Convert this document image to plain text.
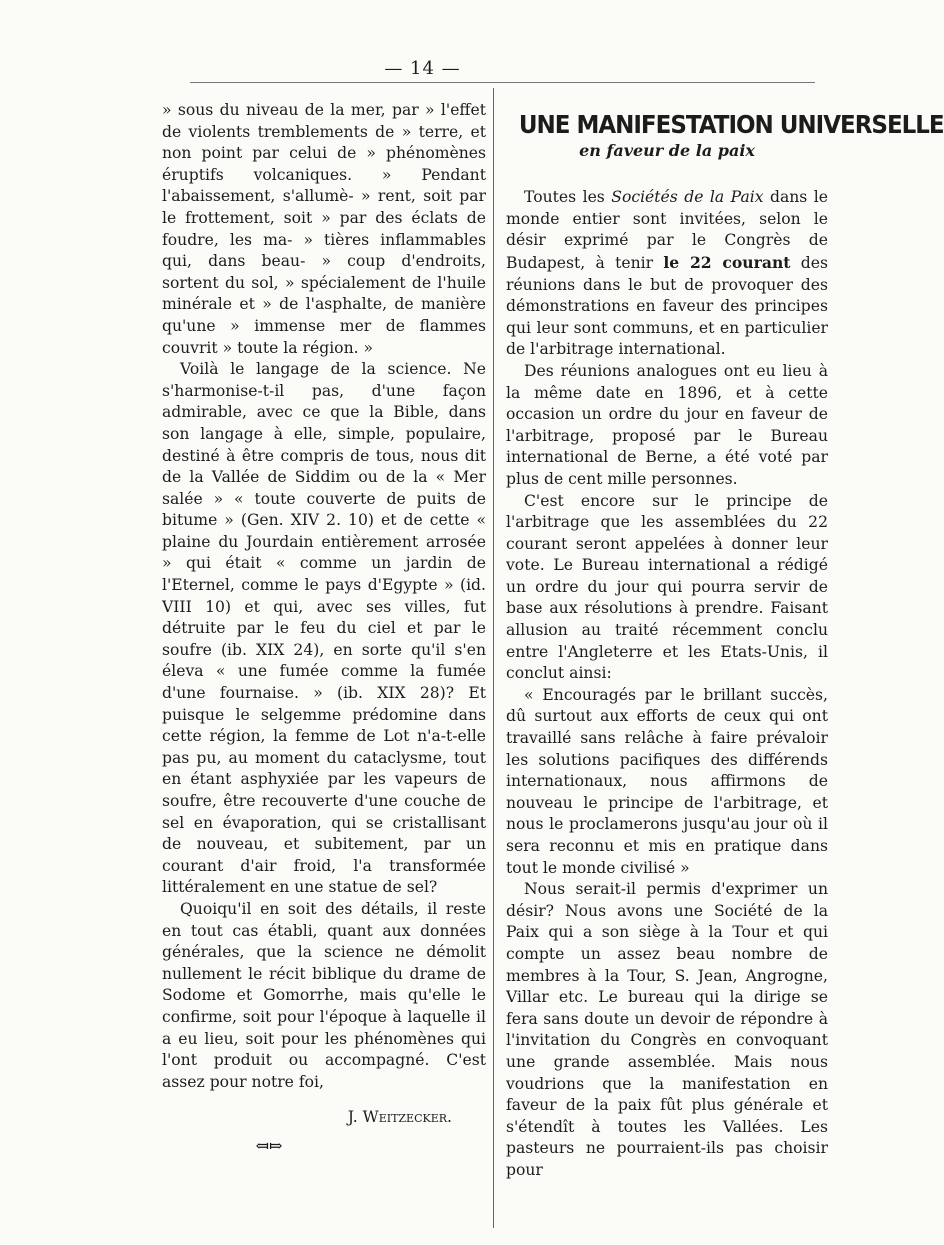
— 14 —

» sous du niveau de la mer, par » l'effet de violents tremblements de » terre, et non point par celui de » phénomènes éruptifs volcaniques. » Pendant l'abaissement, s'allumè- » rent, soit par le frottement, soit » par des éclats de foudre, les ma- » tières inflammables qui, dans beau- » coup d'endroits, sortent du sol, » spécialement de l'huile minérale et » de l'asphalte, de manière qu'une » immense mer de flammes couvrit » toute la région. »

Voilà le langage de la science. Ne s'harmonise-t-il pas, d'une façon admirable, avec ce que la Bible, dans son langage à elle, simple, populaire, destiné à être compris de tous, nous dit de la Vallée de Siddim ou de la « Mer salée » « toute couverte de puits de bitume » (Gen. XIV 2. 10) et de cette « plaine du Jourdain entièrement arrosée » qui était « comme un jardin de l'Eternel, comme le pays d'Egypte » (id. VIII 10) et qui, avec ses villes, fut détruite par le feu du ciel et par le soufre (ib. XIX 24), en sorte qu'il s'en éleva « une fumée comme la fumée d'une fournaise. » (ib. XIX 28)? Et puisque le selgemme prédomine dans cette région, la femme de Lot n'a-t-elle pas pu, au moment du cataclysme, tout en étant asphyxiée par les vapeurs de soufre, être recouverte d'une couche de sel en évaporation, qui se cristallisant de nouveau, et subitement, par un courant d'air froid, l'a transformée littéralement en une statue de sel?

Quoiqu'il en soit des détails, il reste en tout cas établi, quant aux données générales, que la science ne démolit nullement le récit biblique du drame de Sodome et Gomorrhe, mais qu'elle le confirme, soit pour l'époque à laquelle il a eu lieu, soit pour les phénomènes qui l'ont produit ou accompagné. C'est assez pour notre foi,

J. Weitzecker.

⤆⤇

UNE MANIFESTATION UNIVERSELLE
en faveur de la paix

Toutes les Sociétés de la Paix dans le monde entier sont invitées, selon le désir exprimé par le Congrès de Budapest, à tenir le 22 courant des réunions dans le but de provoquer des démonstrations en faveur des principes qui leur sont communs, et en particulier de l'arbitrage international.

Des réunions analogues ont eu lieu à la même date en 1896, et à cette occasion un ordre du jour en faveur de l'arbitrage, proposé par le Bureau international de Berne, a été voté par plus de cent mille personnes.

C'est encore sur le principe de l'arbitrage que les assemblées du 22 courant seront appelées à donner leur vote. Le Bureau international a rédigé un ordre du jour qui pourra servir de base aux résolutions à prendre. Faisant allusion au traité récemment conclu entre l'Angleterre et les Etats-Unis, il conclut ainsi:

« Encouragés par le brillant succès, dû surtout aux efforts de ceux qui ont travaillé sans relâche à faire prévaloir les solutions pacifiques des différends internationaux, nous affirmons de nouveau le principe de l'arbitrage, et nous le proclamerons jusqu'au jour où il sera reconnu et mis en pratique dans tout le monde civilisé »

Nous serait-il permis d'exprimer un désir? Nous avons une Société de la Paix qui a son siège à la Tour et qui compte un assez beau nombre de membres à la Tour, S. Jean, Angrogne, Villar etc. Le bureau qui la dirige se fera sans doute un devoir de répondre à l'invitation du Congrès en convoquant une grande assemblée. Mais nous voudrions que la manifestation en faveur de la paix fût plus générale et s'étendît à toutes les Vallées. Les pasteurs ne pourraient-ils pas choisir pour
